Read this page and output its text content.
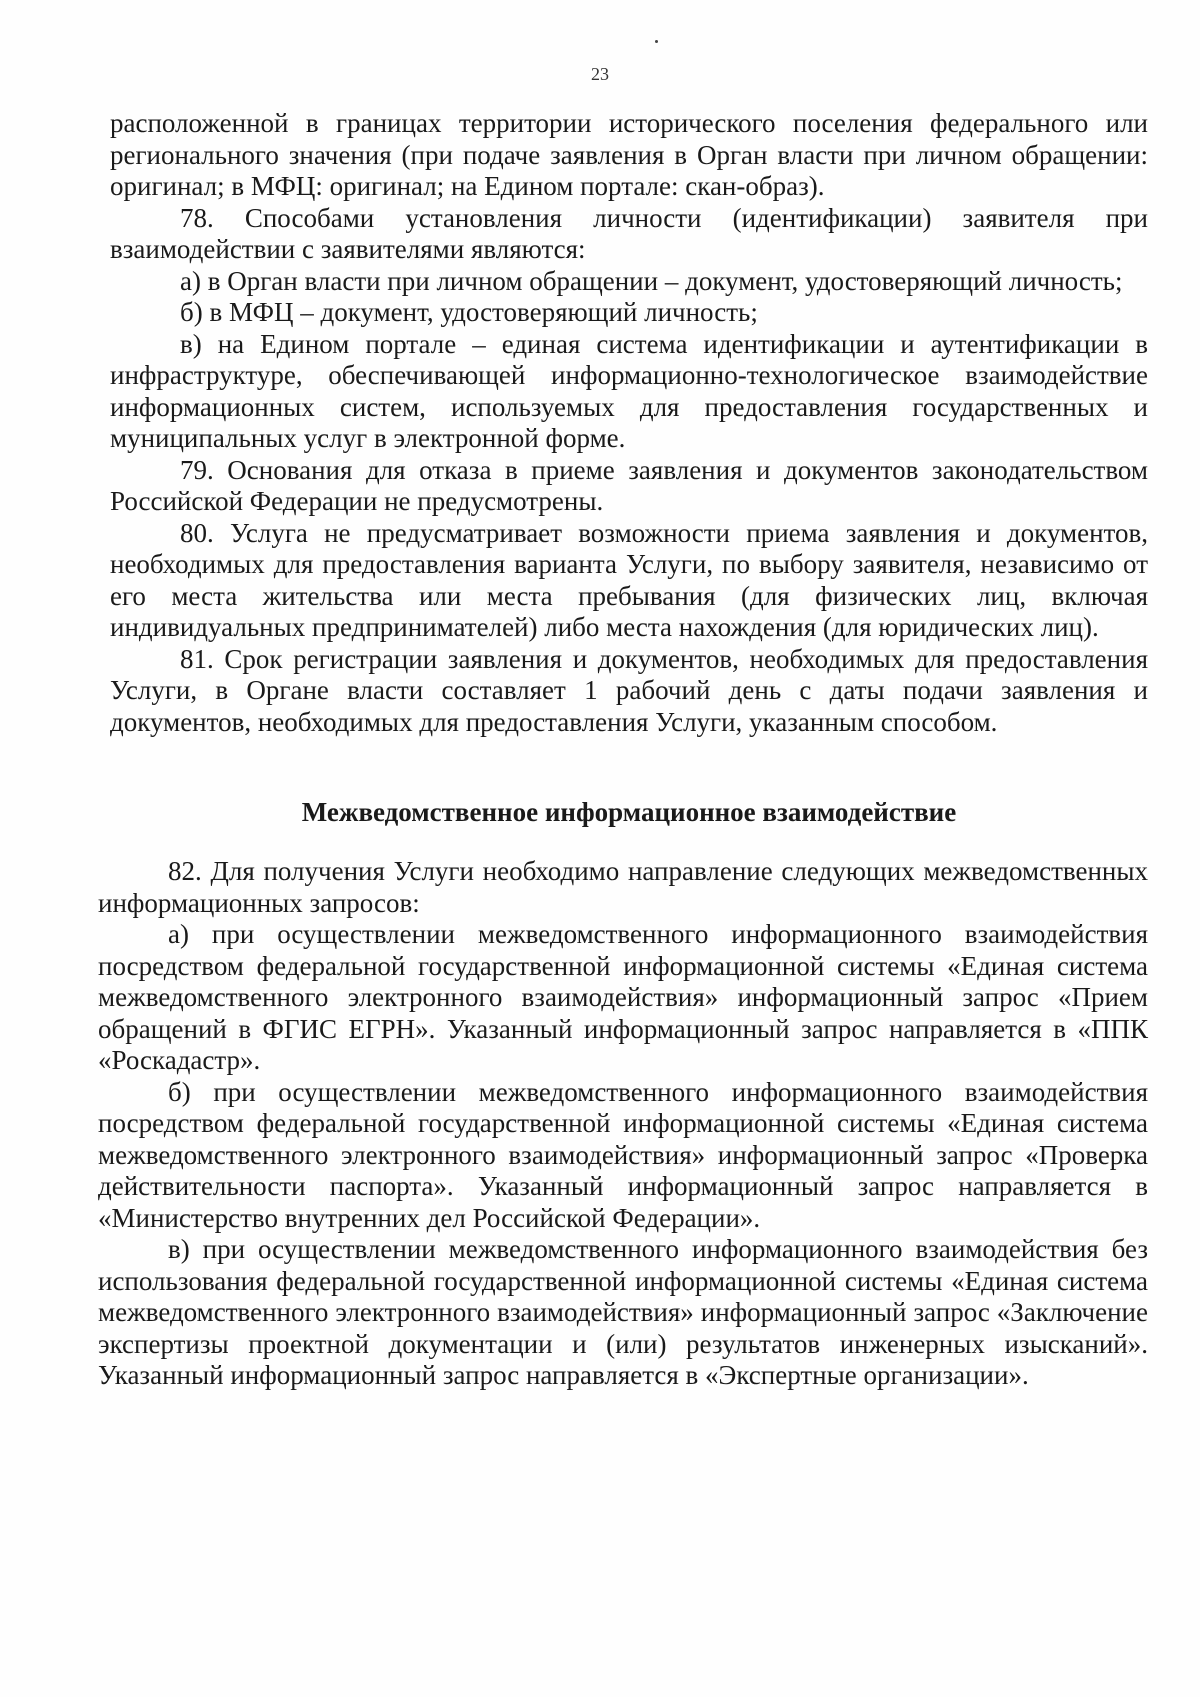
23

расположенной в границах территории исторического поселения федерального или регионального значения (при подаче заявления в Орган власти при личном обращении: оригинал; в МФЦ: оригинал; на Едином портале: скан-образ).

78. Способами установления личности (идентификации) заявителя при взаимодействии с заявителями являются:

а) в Орган власти при личном обращении – документ, удостоверяющий личность;

б) в МФЦ – документ, удостоверяющий личность;

в) на Едином портале – единая система идентификации и аутентификации в инфраструктуре, обеспечивающей информационно-технологическое взаимодействие информационных систем, используемых для предоставления государственных и муниципальных услуг в электронной форме.

79. Основания для отказа в приеме заявления и документов законодательством Российской Федерации не предусмотрены.

80. Услуга не предусматривает возможности приема заявления и документов, необходимых для предоставления варианта Услуги, по выбору заявителя, независимо от его места жительства или места пребывания (для физических лиц, включая индивидуальных предпринимателей) либо места нахождения (для юридических лиц).

81. Срок регистрации заявления и документов, необходимых для предоставления Услуги, в Органе власти составляет 1 рабочий день с даты подачи заявления и документов, необходимых для предоставления Услуги, указанным способом.

Межведомственное информационное взаимодействие

82. Для получения Услуги необходимо направление следующих межведомственных информационных запросов:

а) при осуществлении межведомственного информационного взаимодействия посредством федеральной государственной информационной системы «Единая система межведомственного электронного взаимодействия» информационный запрос «Прием обращений в ФГИС ЕГРН». Указанный информационный запрос направляется в «ППК «Роскадастр».

б) при осуществлении межведомственного информационного взаимодействия посредством федеральной государственной информационной системы «Единая система межведомственного электронного взаимодействия» информационный запрос «Проверка действительности паспорта». Указанный информационный запрос направляется в «Министерство внутренних дел Российской Федерации».

в) при осуществлении межведомственного информационного взаимодействия без использования федеральной государственной информационной системы «Единая система межведомственного электронного взаимодействия» информационный запрос «Заключение экспертизы проектной документации и (или) результатов инженерных изысканий». Указанный информационный запрос направляется в «Экспертные организации».
